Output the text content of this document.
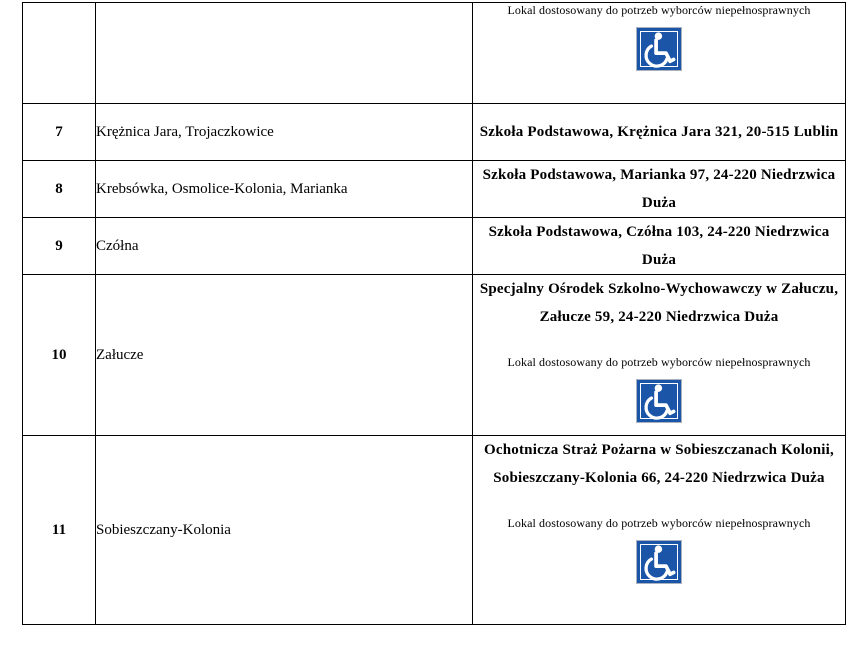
		Lokal dostosowany do potrzeb wyborców niepełnosprawnych

7	Krężnica Jara, Trojaczkowice	Szkoła Podstawowa, Krężnica Jara 321, 20-515 Lublin

8	Krebsówka, Osmolice-Kolonia, Marianka	Szkoła Podstawowa, Marianka 97, 24-220 Niedrzwica Duża

9	Czółna	Szkoła Podstawowa, Czółna 103, 24-220 Niedrzwica Duża

10	Załucze	Specjalny Ośrodek Szkolno-Wychowawczy w Załuczu, Załucze 59, 24-220 Niedrzwica Duża
Lokal dostosowany do potrzeb wyborców niepełnosprawnych

11	Sobieszczany-Kolonia	Ochotnicza Straż Pożarna w Sobieszczanach Kolonii, Sobieszczany-Kolonia 66, 24-220 Niedrzwica Duża
Lokal dostosowany do potrzeb wyborców niepełnosprawnych
